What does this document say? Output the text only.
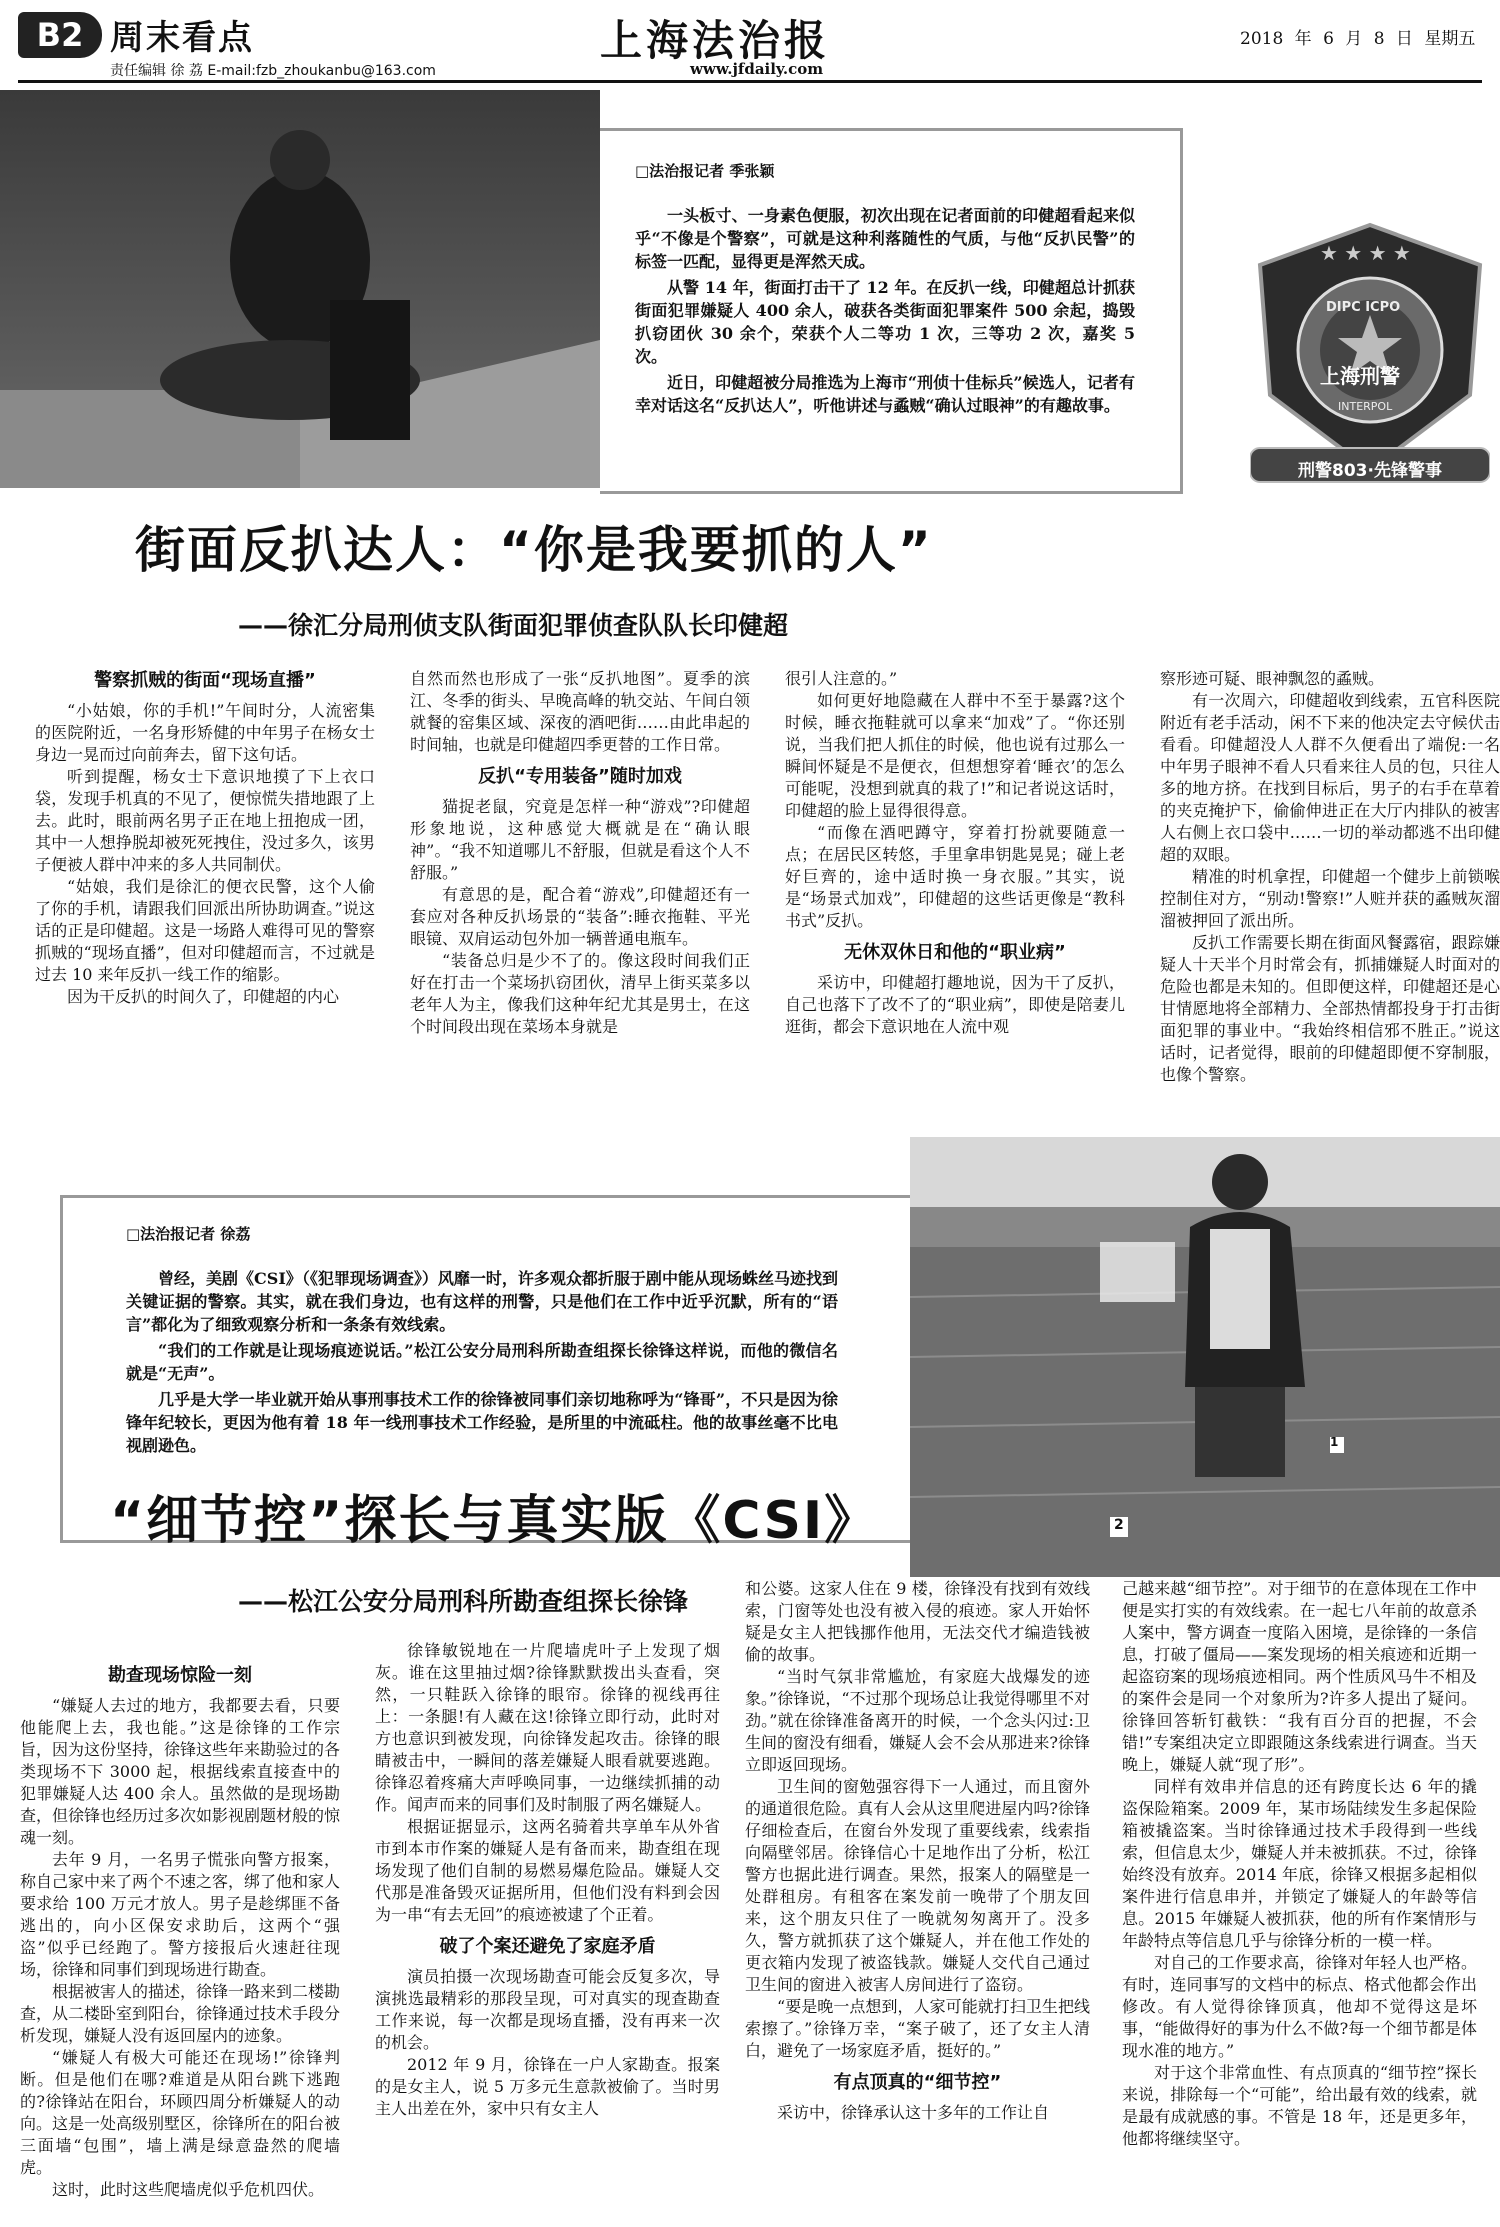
B2 周末看点
责任编辑 徐 荔 E-mail:fzb_zhoukanbu@163.com
上海法治报
www.jfdaily.com
2018 年 6 月 8 日 星期五
□法治报记者 季张颖

一头板寸、一身素色便服，初次出现在记者面前的印健超看起来似乎“不像是个警察”，可就是这种利落随性的气质，与他“反扒民警”的标签一匹配，显得更是浑然天成。

从警 14 年，街面打击干了 12 年。在反扒一线，印健超总计抓获街面犯罪嫌疑人 400 余人，破获各类街面犯罪案件 500 余起，捣毁扒窃团伙 30 余个，荣获个人二等功 1 次，三等功 2 次，嘉奖 5 次。

近日，印健超被分局推选为上海市“刑侦十佳标兵”候选人，记者有幸对话这名“反扒达人”，听他讲述与蟊贼“确认过眼神”的有趣故事。

★ ★ ★ ★
DIPC ICPO
上海刑警
INTERPOL
刑警803·先锋警事
街面反扒达人：“你是我要抓的人”
——徐汇分局刑侦支队街面犯罪侦查队队长印健超
警察抓贼的街面“现场直播”

“小姑娘，你的手机!”午间时分，人流密集的医院附近，一名身形矫健的中年男子在杨女士身边一晃而过向前奔去，留下这句话。

听到提醒，杨女士下意识地摸了下上衣口袋，发现手机真的不见了，便惊慌失措地跟了上去。此时，眼前两名男子正在地上扭抱成一团，其中一人想挣脱却被死死拽住，没过多久，该男子便被人群中冲来的多人共同制伏。

“姑娘，我们是徐汇的便衣民警，这个人偷了你的手机，请跟我们回派出所协助调查。”说这话的正是印健超。这是一场路人难得可见的警察抓贼的“现场直播”，但对印健超而言，不过就是过去 10 来年反扒一线工作的缩影。

因为干反扒的时间久了，印健超的内心

自然而然也形成了一张“反扒地图”。夏季的滨江、冬季的街头、早晚高峰的轨交站、午间白领就餐的窑集区域、深夜的酒吧街……由此串起的时间轴，也就是印健超四季更替的工作日常。

反扒“专用装备”随时加戏

猫捉老鼠，究竟是怎样一种“游戏”?印健超形象地说，这种感觉大概就是在“确认眼神”。“我不知道哪儿不舒服，但就是看这个人不舒服。”

有意思的是，配合着“游戏”,印健超还有一套应对各种反扒场景的“装备”:睡衣拖鞋、平光眼镜、双肩运动包外加一辆普通电瓶车。

“装备总归是少不了的。像这段时间我们正好在打击一个菜场扒窃团伙，清早上街买菜多以老年人为主，像我们这种年纪尤其是男士，在这个时间段出现在菜场本身就是

很引人注意的。”

如何更好地隐藏在人群中不至于暴露?这个时候，睡衣拖鞋就可以拿来“加戏”了。“你还别说，当我们把人抓住的时候，他也说有过那么一瞬间怀疑是不是便衣，但想想穿着‘睡衣’的怎么可能呢，没想到就真的栽了!”和记者说这话时，印健超的脸上显得很得意。

“而像在酒吧蹲守，穿着打扮就要随意一点；在居民区转悠，手里拿串钥匙晃晃；碰上老好巨齊的，途中适时换一身衣服。”其实，说是“场景式加戏”，印健超的这些话更像是“教科书式”反扒。

无休双休日和他的“职业病”

采访中，印健超打趣地说，因为干了反扒，自己也落下了改不了的“职业病”，即使是陪妻儿逛街，都会下意识地在人流中观

察形迹可疑、眼神飘忽的蟊贼。

有一次周六，印健超收到线索，五官科医院附近有老手活动，闲不下来的他决定去守候伏击看看。印健超没人人群不久便看出了端倪:一名中年男子眼神不看人只看来往人员的包，只往人多的地方挤。在找到目标后，男子的右手在草着的夹克掩护下，偷偷伸进正在大厅内排队的被害人右侧上衣口袋中……一切的举动都逃不出印健超的双眼。

精准的时机拿捏，印健超一个健步上前锁喉控制住对方，“别动!警察!”人赃并获的蟊贼灰溜溜被押回了派出所。

反扒工作需要长期在街面风餐露宿，跟踪嫌疑人十天半个月时常会有，抓捕嫌疑人时面对的危险也都是未知的。但即便这样，印健超还是心甘情愿地将全部精力、全部热情都投身于打击街面犯罪的事业中。“我始终相信邪不胜正。”说这话时，记者觉得，眼前的印健超即便不穿制服，也像个警察。

1
2
□法治报记者 徐荔

曾经，美剧《CSI》（《犯罪现场调查》）风靡一时，许多观众都折服于剧中能从现场蛛丝马迹找到关键证据的警察。其实，就在我们身边，也有这样的刑警，只是他们在工作中近乎沉默，所有的“语言”都化为了细致观察分析和一条条有效线索。

“我们的工作就是让现场痕迹说话。”松江公安分局刑科所勘查组探长徐锋这样说，而他的微信名就是“无声”。

几乎是大学一毕业就开始从事刑事技术工作的徐锋被同事们亲切地称呼为“锋哥”，不只是因为徐锋年纪较长，更因为他有着 18 年一线刑事技术工作经验，是所里的中流砥柱。他的故事丝毫不比电视剧逊色。

“细节控”探长与真实版《CSI》
——松江公安分局刑科所勘查组探长徐锋
勘查现场惊险一刻

“嫌疑人去过的地方，我都要去看，只要他能爬上去，我也能。”这是徐锋的工作宗旨，因为这份坚持，徐锋这些年来勘验过的各类现场不下 3000 起，根据线索直接查中的犯罪嫌疑人达 400 余人。虽然做的是现场勘查，但徐锋也经历过多次如影视剧题材般的惊魂一刻。

去年 9 月，一名男子慌张向警方报案，称自己家中来了两个不速之客，绑了他和家人要求给 100 万元才放人。男子是趁绑匪不备逃出的，向小区保安求助后，这两个“强盗”似乎已经跑了。警方接报后火速赶往现场，徐锋和同事们到现场进行勘查。

根据被害人的描述，徐锋一路来到二楼勘查，从二楼卧室到阳台，徐锋通过技术手段分析发现，嫌疑人没有返回屋内的迹象。

“嫌疑人有极大可能还在现场!”徐锋判断。但是他们在哪?难道是从阳台跳下逃跑的?徐锋站在阳台，环顾四周分析嫌疑人的动向。这是一处高级别墅区，徐锋所在的阳台被三面墙“包围”，墙上满是绿意盎然的爬墙虎。

这时，此时这些爬墙虎似乎危机四伏。

徐锋敏锐地在一片爬墙虎叶子上发现了烟灰。谁在这里抽过烟?徐锋默默拨出头查看，突然，一只鞋跃入徐锋的眼帘。徐锋的视线再往上：一条腿!有人藏在这!徐锋立即行动，此时对方也意识到被发现，向徐锋发起攻击。徐锋的眼睛被击中，一瞬间的落差嫌疑人眼看就要逃跑。徐锋忍着疼痛大声呼唤同事，一边继续抓捕的动作。闻声而来的同事们及时制服了两名嫌疑人。

根据证据显示，这两名骑着共享单车从外省市到本市作案的嫌疑人是有备而来，勘查组在现场发现了他们自制的易燃易爆危险品。嫌疑人交代那是准备毁灭证据所用，但他们没有料到会因为一串“有去无回”的痕迹被逮了个正着。

破了个案还避免了家庭矛盾

演员拍摄一次现场勘查可能会反复多次，导演挑选最精彩的那段呈现，可对真实的现查勘查工作来说，每一次都是现场直播，没有再来一次的机会。

2012 年 9 月，徐锋在一户人家勘查。报案的是女主人，说 5 万多元生意款被偷了。当时男主人出差在外，家中只有女主人

和公婆。这家人住在 9 楼，徐锋没有找到有效线索，门窗等处也没有被入侵的痕迹。家人开始怀疑是女主人把钱挪作他用，无法交代才编造钱被偷的故事。

“当时气氛非常尴尬，有家庭大战爆发的迹象。”徐锋说，“不过那个现场总让我觉得哪里不对劲。”就在徐锋准备离开的时候，一个念头闪过:卫生间的窗没有细看，嫌疑人会不会从那进来?徐锋立即返回现场。

卫生间的窗勉强容得下一人通过，而且窗外的通道很危险。真有人会从这里爬进屋内吗?徐锋仔细检查后，在窗台外发现了重要线索，线索指向隔壁邻居。徐锋信心十足地作出了分析，松江警方也据此进行调查。果然，报案人的隔壁是一处群租房。有租客在案发前一晚带了个朋友回来，这个朋友只住了一晚就匆匆离开了。没多久，警方就抓获了这个嫌疑人，并在他工作处的更衣箱内发现了被盗钱款。嫌疑人交代自己通过卫生间的窗进入被害人房间进行了盗窃。

“要是晚一点想到，人家可能就打扫卫生把线索擦了。”徐锋万幸，“案子破了，还了女主人清白，避免了一场家庭矛盾，挺好的。”

有点顶真的“细节控”

采访中，徐锋承认这十多年的工作让自

己越来越“细节控”。对于细节的在意体现在工作中便是实打实的有效线索。在一起七八年前的故意杀人案中，警方调查一度陷入困境，是徐锋的一条信息，打破了僵局——案发现场的相关痕迹和近期一起盗窃案的现场痕迹相同。两个性质风马牛不相及的案件会是同一个对象所为?许多人提出了疑问。徐锋回答斩钉截铁：“我有百分百的把握，不会错!”专案组决定立即跟随这条线索进行调查。当天晚上，嫌疑人就“现了形”。

同样有效串并信息的还有跨度长达 6 年的撬盗保险箱案。2009 年，某市场陆续发生多起保险箱被撬盗案。当时徐锋通过技术手段得到一些线索，但信息太少，嫌疑人并未被抓获。不过，徐锋始终没有放弃。2014 年底，徐锋又根据多起相似案件进行信息串并，并锁定了嫌疑人的年龄等信息。2015 年嫌疑人被抓获，他的所有作案情形与年龄特点等信息几乎与徐锋分析的一模一样。

对自己的工作要求高，徐锋对年轻人也严格。有时，连同事写的文档中的标点、格式他都会作出修改。有人觉得徐锋顶真，他却不觉得这是坏事，“能做得好的事为什么不做?每一个细节都是体现水准的地方。”

对于这个非常血性、有点顶真的“细节控”探长来说，排除每一个“可能”，给出最有效的线索，就是最有成就感的事。不管是 18 年，还是更多年，他都将继续坚守。
